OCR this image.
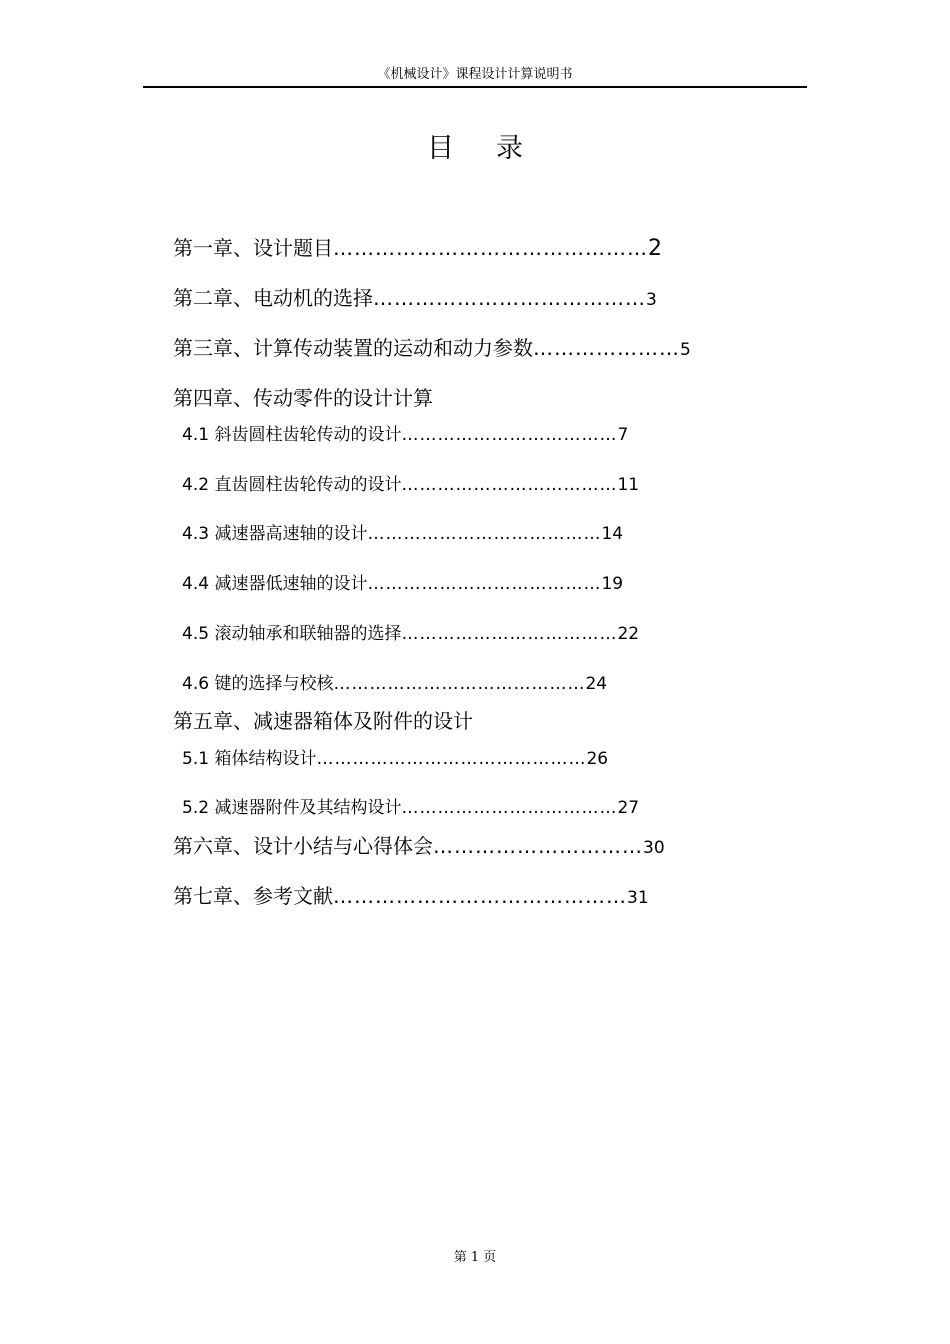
《机械设计》课程设计计算说明书
目录
第一章、设计题目………………………………………2
第二章、电动机的选择…………………………………3
第三章、计算传动装置的运动和动力参数…………………5
第四章、传动零件的设计计算
4.1 斜齿圆柱齿轮传动的设计………………………………7
4.2 直齿圆柱齿轮传动的设计………………………………11
4.3 减速器高速轴的设计…………………………………14
4.4 减速器低速轴的设计…………………………………19
4.5 滚动轴承和联轴器的选择………………………………22
4.6 键的选择与校核……………………………………24
第五章、减速器箱体及附件的设计
5.1 箱体结构设计………………………………………26
5.2 减速器附件及其结构设计………………………………27
第六章、设计小结与心得体会…………………………30
第七章、参考文献……………………………………31
第 1 页
